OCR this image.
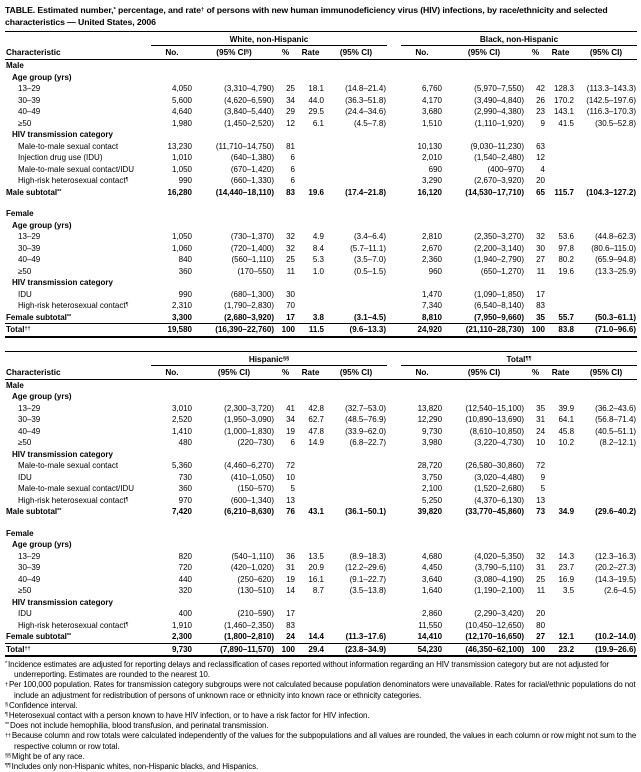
TABLE. Estimated number,* percentage, and rate† of persons with new human immunodeficiency virus (HIV) infections, by race/ethnicity and selected characteristics — United States, 2006
	White, non-Hispanic						Black, non-Hispanic				
Characteristic	No.	(95% CI§)	%	Rate	(95% CI)		No.	(95% CI)	%	Rate	(95% CI)
Male											
Age group (yrs)											
13–29	4,050	(3,310–4,790)	25	18.1	(14.8–21.4)		6,760	(5,970–7,550)	42	128.3	(113.3–143.3)
30–39	5,600	(4,620–6,590)	34	44.0	(36.3–51.8)		4,170	(3,490–4,840)	26	170.2	(142.5–197.6)
40–49	4,640	(3,840–5,440)	29	29.5	(24.4–34.6)		3,680	(2,990–4,380)	23	143.1	(116.3–170.3)
≥50	1,980	(1,450–2,520)	12	6.1	(4.5–7.8)		1,510	(1,110–1,920)	9	41.5	(30.5–52.8)
HIV transmission category											
Male-to-male sexual contact	13,230	(11,710–14,750)	81				10,130	(9,030–11,230)	63		
Injection drug use (IDU)	1,010	(640–1,380)	6				2,010	(1,540–2,480)	12		
Male-to-male sexual contact/IDU	1,050	(670–1,420)	6				690	(400–970)	4		
High-risk heterosexual contact¶	990	(660–1,330)	6				3,290	(2,670–3,920)	20		
Male subtotal**	16,280	(14,440–18,110)	83	19.6	(17.4–21.8)		16,120	(14,530–17,710)	65	115.7	(104.3–127.2)

Female											
Age group (yrs)											
13–29	1,050	(730–1,370)	32	4.9	(3.4–6.4)		2,810	(2,350–3,270)	32	53.6	(44.8–62.3)
30–39	1,060	(720–1,400)	32	8.4	(5.7–11.1)		2,670	(2,200–3,140)	30	97.8	(80.6–115.0)
40–49	840	(560–1,110)	25	5.3	(3.5–7.0)		2,360	(1,940–2,790)	27	80.2	(65.9–94.8)
≥50	360	(170–550)	11	1.0	(0.5–1.5)		960	(650–1,270)	11	19.6	(13.3–25.9)
HIV transmission category											
IDU	990	(680–1,300)	30				1,470	(1,090–1,850)	17		
High-risk heterosexual contact¶	2,310	(1,790–2,830)	70				7,340	(6,540–8,140)	83		
Female subtotal**	3,300	(2,680–3,920)	17	3.8	(3.1–4.5)		8,810	(7,950–9,660)	35	55.7	(50.3–61.1)
Total††	19,580	(16,390–22,760)	100	11.5	(9.6–13.3)		24,920	(21,110–28,730)	100	83.8	(71.0–96.6)
	Hispanic§§						Total¶¶
Characteristic	No.	(95% CI)	%	Rate	(95% CI)		No.	(95% CI)	%	Rate	(95% CI)
Male											
Age group (yrs)											
13–29	3,010	(2,300–3,720)	41	42.8	(32.7–53.0)		13,820	(12,540–15,100)	35	39.9	(36.2–43.6)
30–39	2,520	(1,950–3,090)	34	62.7	(48.5–76.9)		12,290	(10,890–13,690)	31	64.1	(56.8–71.4)
40–49	1,410	(1,000–1,830)	19	47.8	(33.9–62.0)		9,730	(8,610–10,850)	24	45.8	(40.5–51.1)
≥50	480	(220–730)	6	14.9	(6.8–22.7)		3,980	(3,220–4,730)	10	10.2	(8.2–12.1)
HIV transmission category											
Male-to-male sexual contact	5,360	(4,460–6,270)	72				28,720	(26,580–30,860)	72		
IDU	730	(410–1,050)	10				3,750	(3,020–4,480)	9		
Male-to-male sexual contact/IDU	360	(150–570)	5				2,100	(1,520–2,680)	5		
High-risk heterosexual contact¶	970	(600–1,340)	13				5,250	(4,370–6,130)	13		
Male subtotal**	7,420	(6,210–8,630)	76	43.1	(36.1–50.1)		39,820	(33,770–45,860)	73	34.9	(29.6–40.2)

Female											
Age group (yrs)											
13–29	820	(540–1,110)	36	13.5	(8.9–18.3)		4,680	(4,020–5,350)	32	14.3	(12.3–16.3)
30–39	720	(420–1,020)	31	20.9	(12.2–29.6)		4,450	(3,790–5,110)	31	23.7	(20.2–27.3)
40–49	440	(250–620)	19	16.1	(9.1–22.7)		3,640	(3,080–4,190)	25	16.9	(14.3–19.5)
≥50	320	(130–510)	14	8.7	(3.5–13.8)		1,640	(1,190–2,100)	11	3.5	(2.6–4.5)
HIV transmission category											
IDU	400	(210–590)	17				2,860	(2,290–3,420)	20		
High-risk heterosexual contact¶	1,910	(1,460–2,350)	83				11,550	(10,450–12,650)	80		
Female subtotal**	2,300	(1,800–2,810)	24	14.4	(11.3–17.6)		14,410	(12,170–16,650)	27	12.1	(10.2–14.0)
Total††	9,730	(7,890–11,570)	100	29.4	(23.8–34.9)		54,230	(46,350–62,100)	100	23.2	(19.9–26.6)
*Incidence estimates are adjusted for reporting delays and reclassification of cases reported without information regarding an HIV transmission category but are not adjusted for underreporting. Estimates are rounded to the nearest 10.
†Per 100,000 population. Rates for transmission category subgroups were not calculated because population denominators were unavailable. Rates for racial/ethnic populations do not include an adjustment for redistribution of persons of unknown race or ethnicity into known race or ethnicity categories.
§Confidence interval.
¶Heterosexual contact with a person known to have HIV infection, or to have a risk factor for HIV infection.
**Does not include hemophilia, blood transfusion, and perinatal transmission.
††Because column and row totals were calculated independently of the values for the subpopulations and all values are rounded, the values in each column or row might not sum to the respective column or row total.
§§Might be of any race.
¶¶Includes only non-Hispanic whites, non-Hispanic blacks, and Hispanics.
